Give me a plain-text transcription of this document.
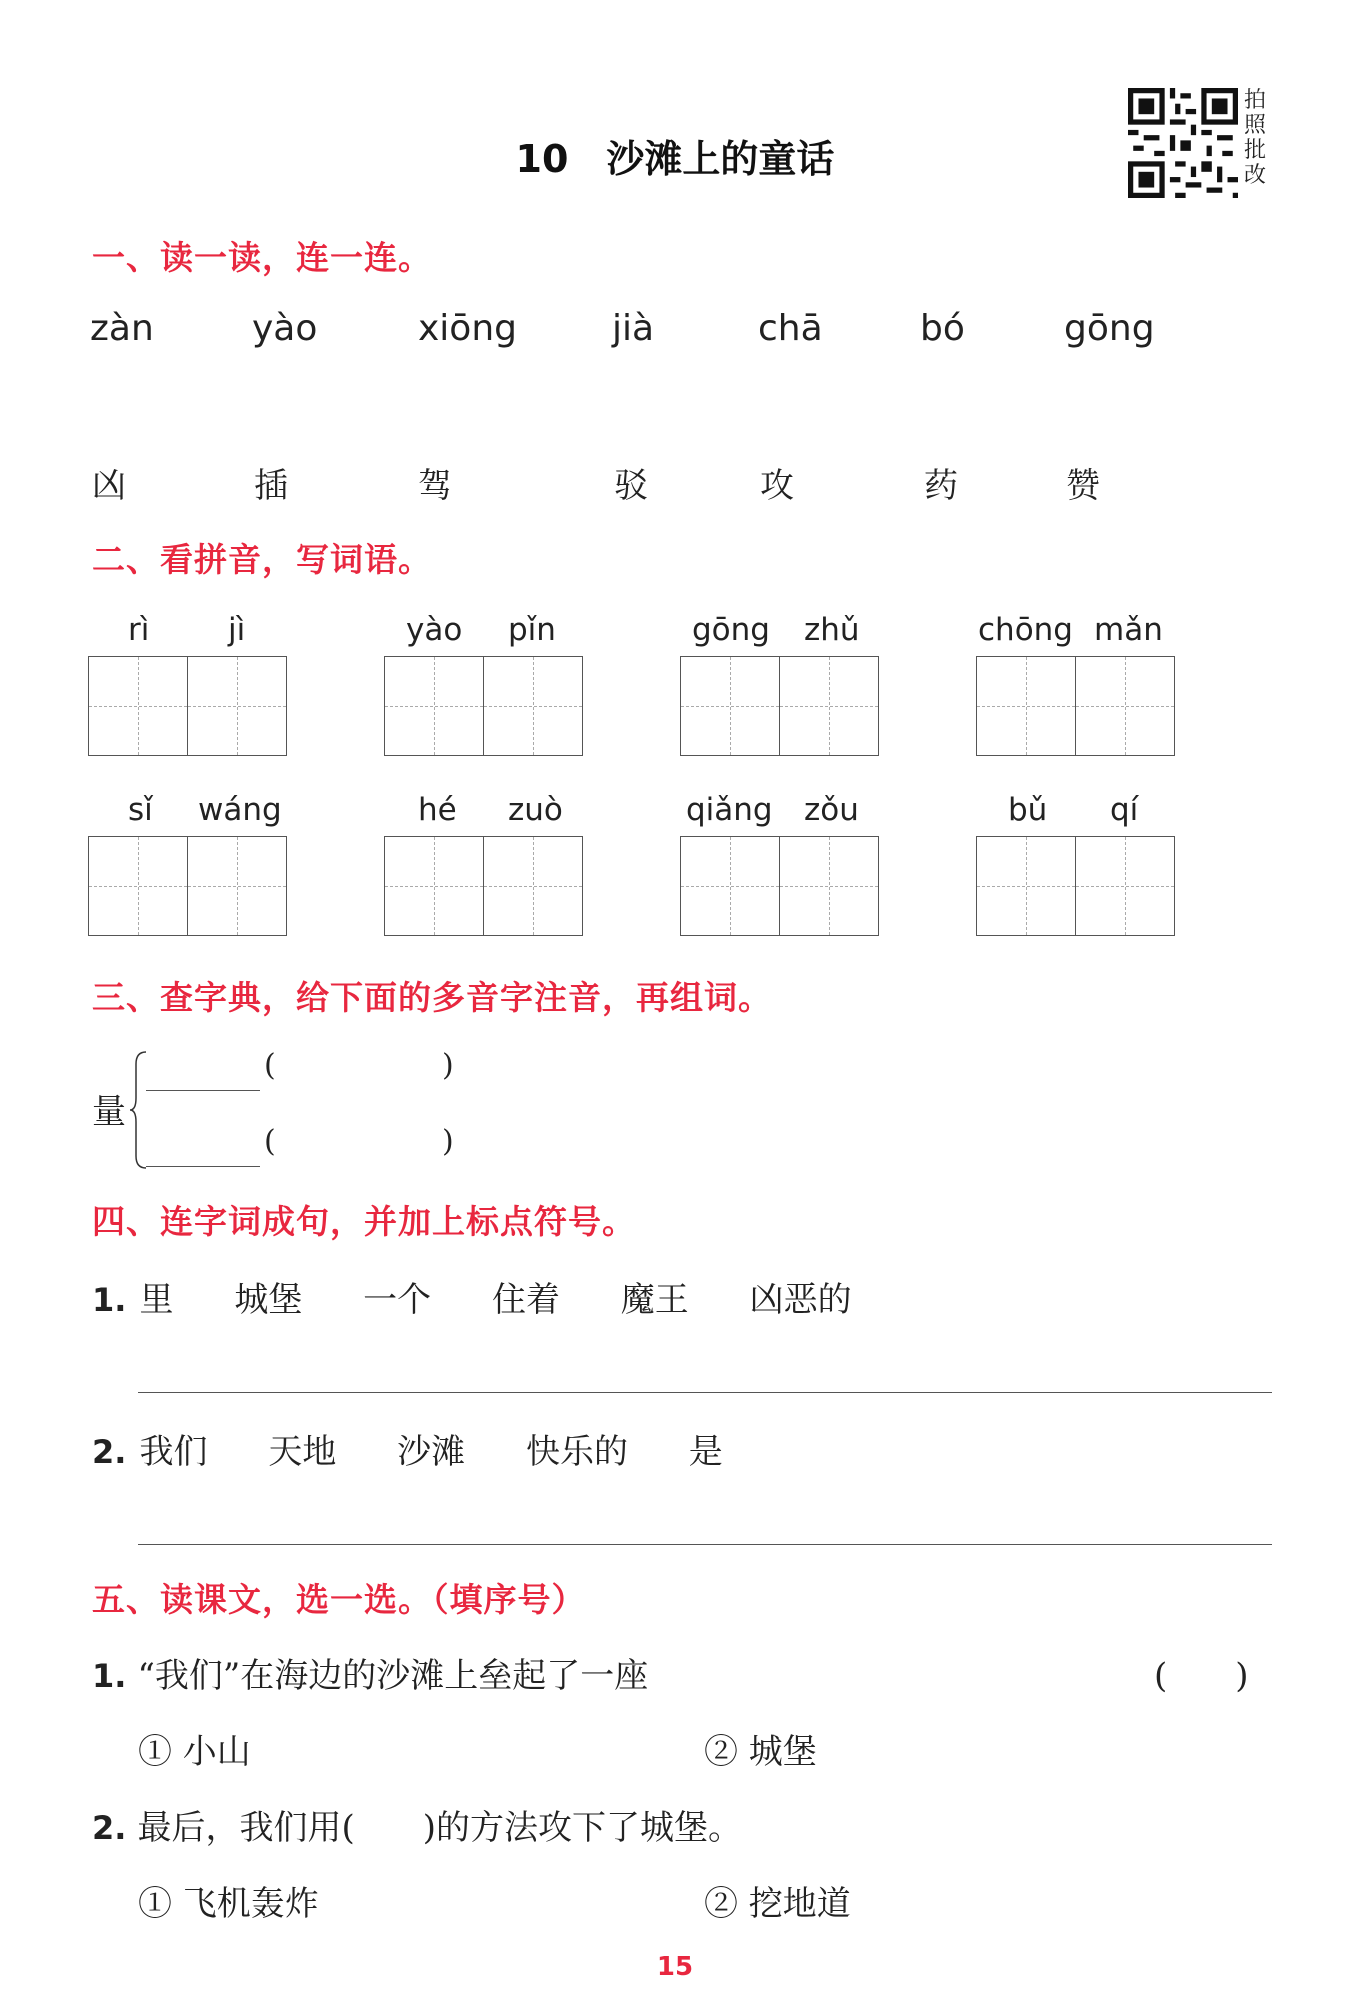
10　沙滩上的童话
拍
照
批
改
一、读一读，连一连。
zàn	yào	xiōng	jià	chā	bó	gōng
凶	插	驾	驳	攻	药	赞
二、看拼音，写词语。
rì	jì	yào pǐn	gōng zhǔ	chōng mǎn
sǐ wáng	hé zuò	qiǎng zǒu	bǔ qí
三、查字典，给下面的多音字注音，再组词。
量
(	)
(	)
四、连字词成句，并加上标点符号。
1. 里 城堡 一个 住着 魔王 凶恶的
2. 我们 天地 沙滩 快乐的 是
五、读课文，选一选。（填序号）
1. “我们”在海边的沙滩上垒起了一座	(　　)
① 小山	② 城堡
2. 最后，我们用(　　)的方法攻下了城堡。
① 飞机轰炸	② 挖地道
15
